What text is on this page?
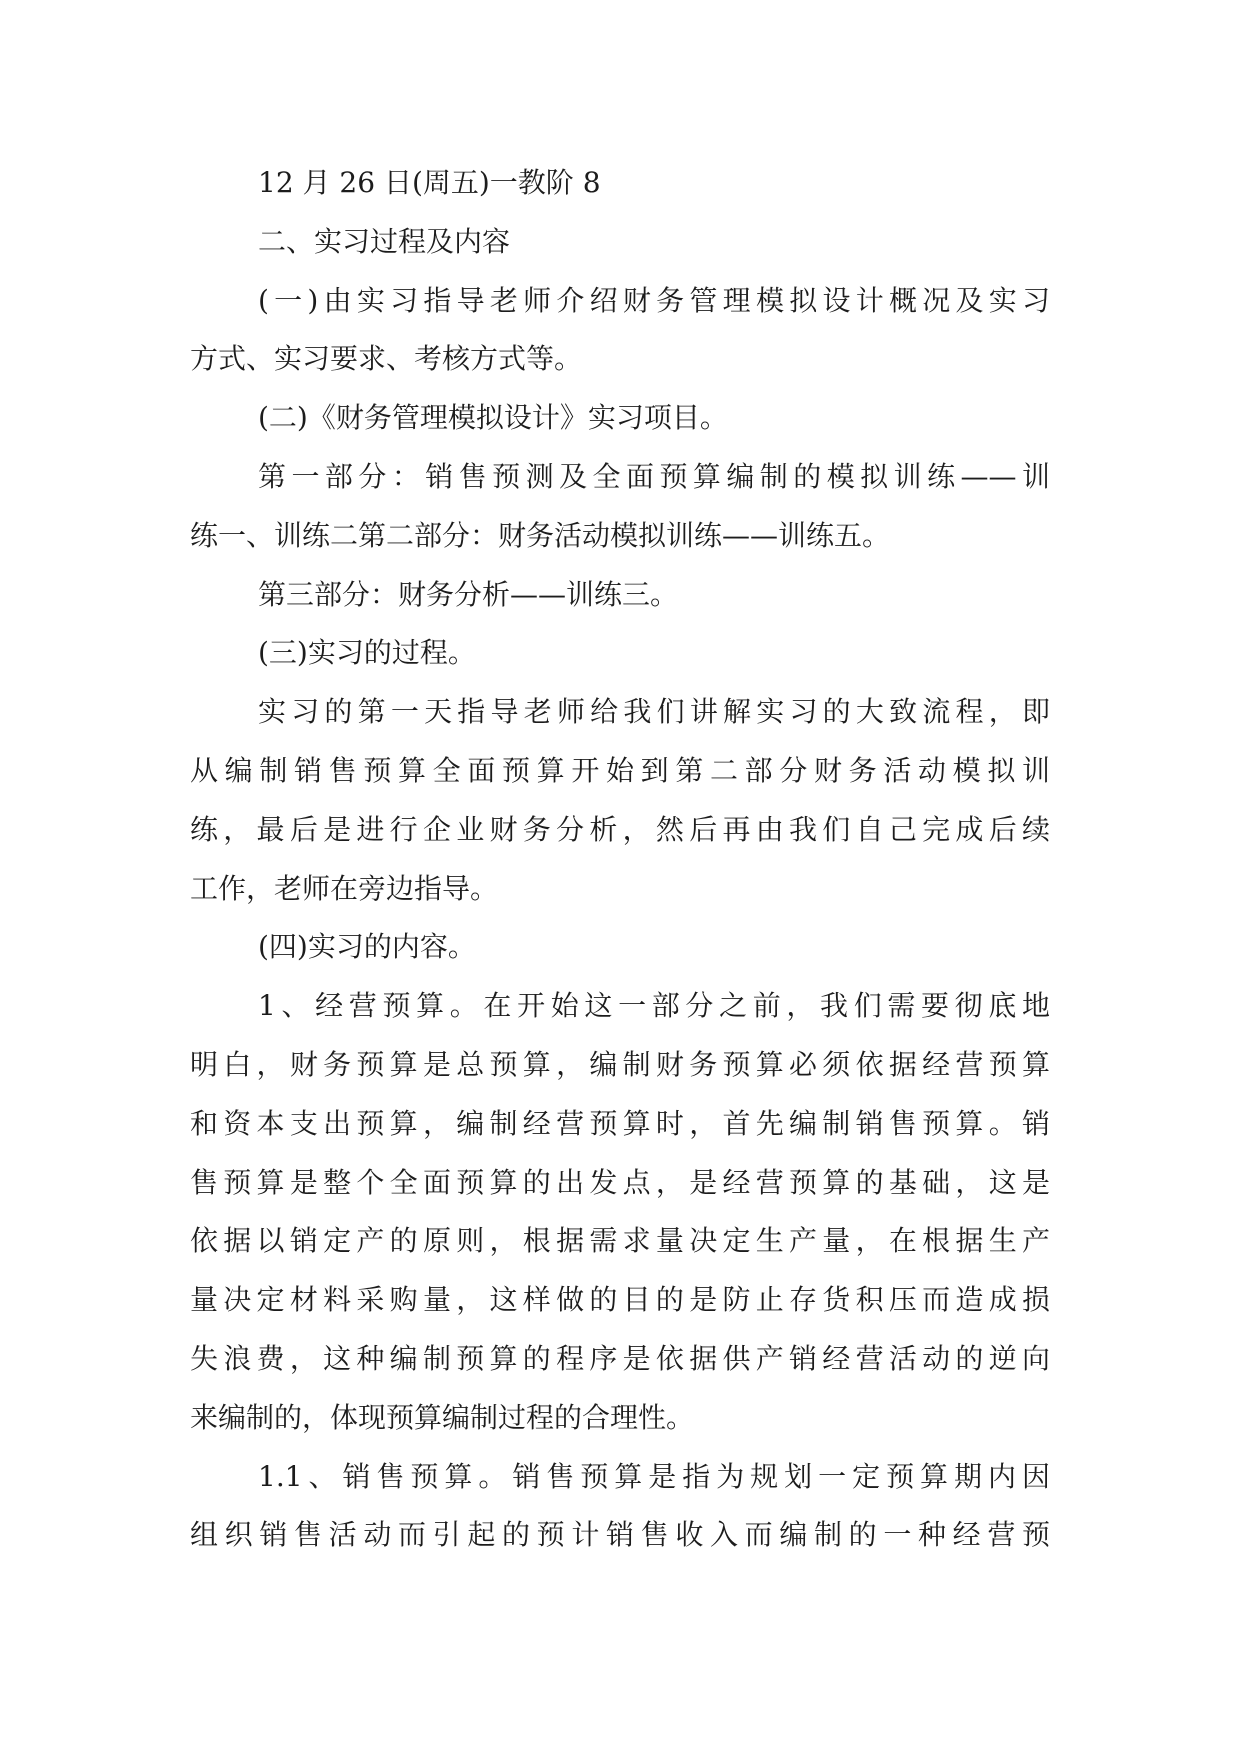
12 月 26 日(周五)一教阶 8
二、实习过程及内容
(一)由实习指导老师介绍财务管理模拟设计概况及实习
方式、实习要求、考核方式等。
(二)《财务管理模拟设计》实习项目。
第一部分：销售预测及全面预算编制的模拟训练——训
练一、训练二第二部分：财务活动模拟训练——训练五。
第三部分：财务分析——训练三。
(三)实习的过程。
实习的第一天指导老师给我们讲解实习的大致流程，即
从编制销售预算全面预算开始到第二部分财务活动模拟训
练，最后是进行企业财务分析，然后再由我们自己完成后续
工作，老师在旁边指导。
(四)实习的内容。
1、经营预算。在开始这一部分之前，我们需要彻底地
明白，财务预算是总预算，编制财务预算必须依据经营预算
和资本支出预算，编制经营预算时，首先编制销售预算。销
售预算是整个全面预算的出发点，是经营预算的基础，这是
依据以销定产的原则，根据需求量决定生产量，在根据生产
量决定材料采购量，这样做的目的是防止存货积压而造成损
失浪费，这种编制预算的程序是依据供产销经营活动的逆向
来编制的，体现预算编制过程的合理性。
1.1、销售预算。销售预算是指为规划一定预算期内因
组织销售活动而引起的预计销售收入而编制的一种经营预
